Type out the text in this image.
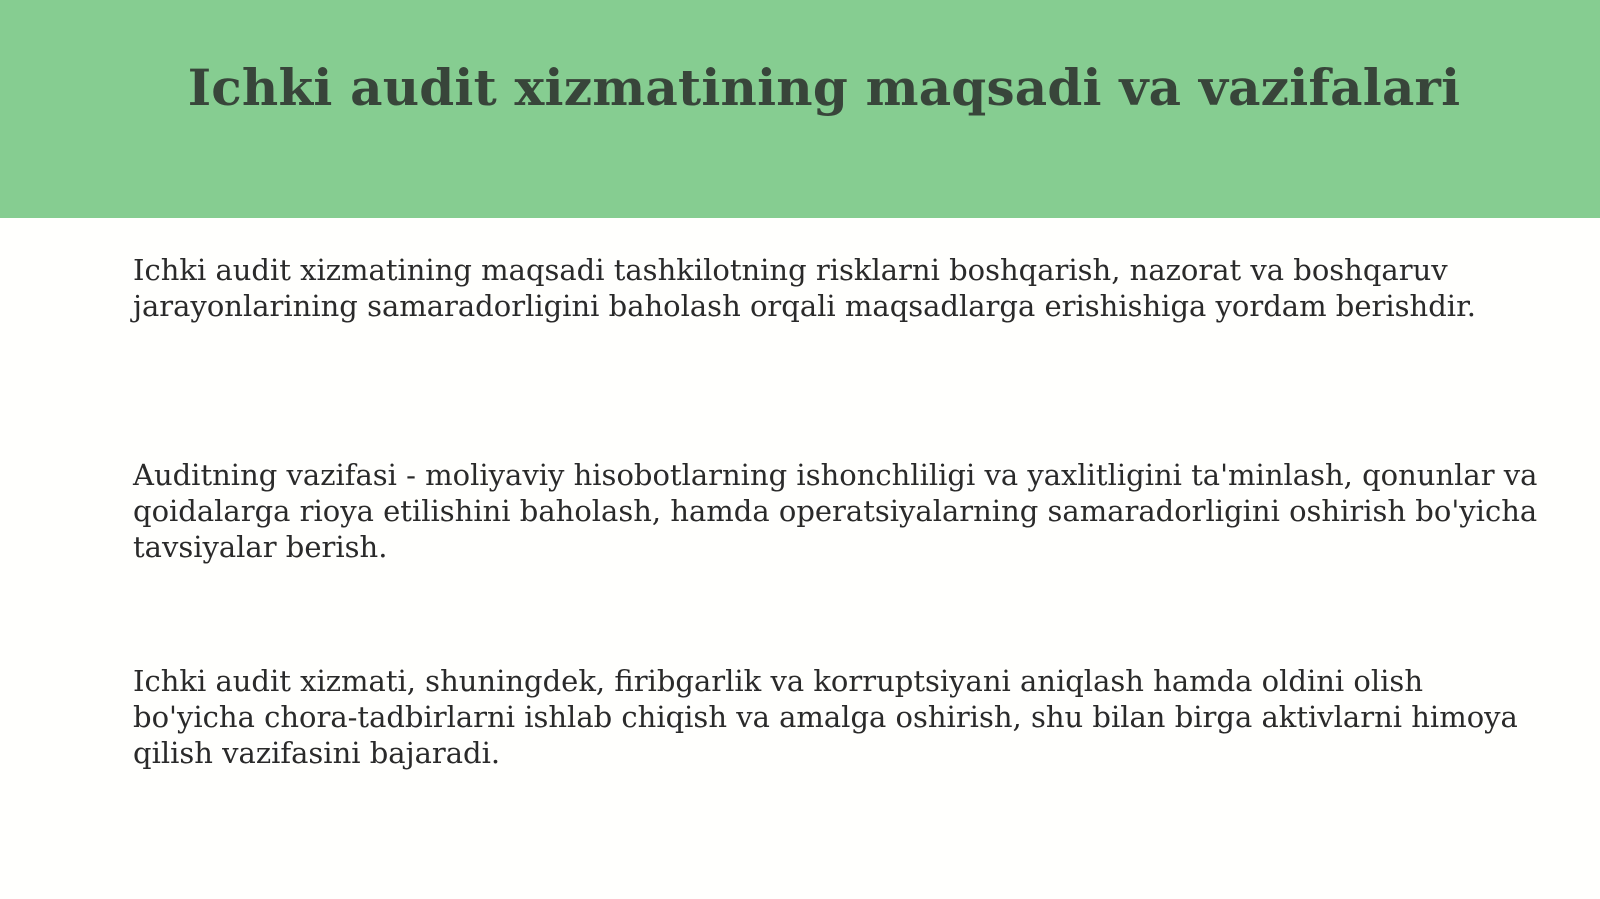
Ichki audit xizmatining maqsadi va vazifalari

Ichki audit xizmatining maqsadi tashkilotning risklarni boshqarish, nazorat va boshqaruv jarayonlarining samaradorligini baholash orqali maqsadlarga erishishiga yordam berishdir.

Auditning vazifasi - moliyaviy hisobotlarning ishonchliligi va yaxlitligini ta'minlash, qonunlar va qoidalarga rioya etilishini baholash, hamda operatsiyalarning samaradorligini oshirish bo'yicha tavsiyalar berish.

Ichki audit xizmati, shuningdek, firibgarlik va korruptsiyani aniqlash hamda oldini olish bo'yicha chora-tadbirlarni ishlab chiqish va amalga oshirish, shu bilan birga aktivlarni himoya qilish vazifasini bajaradi.
